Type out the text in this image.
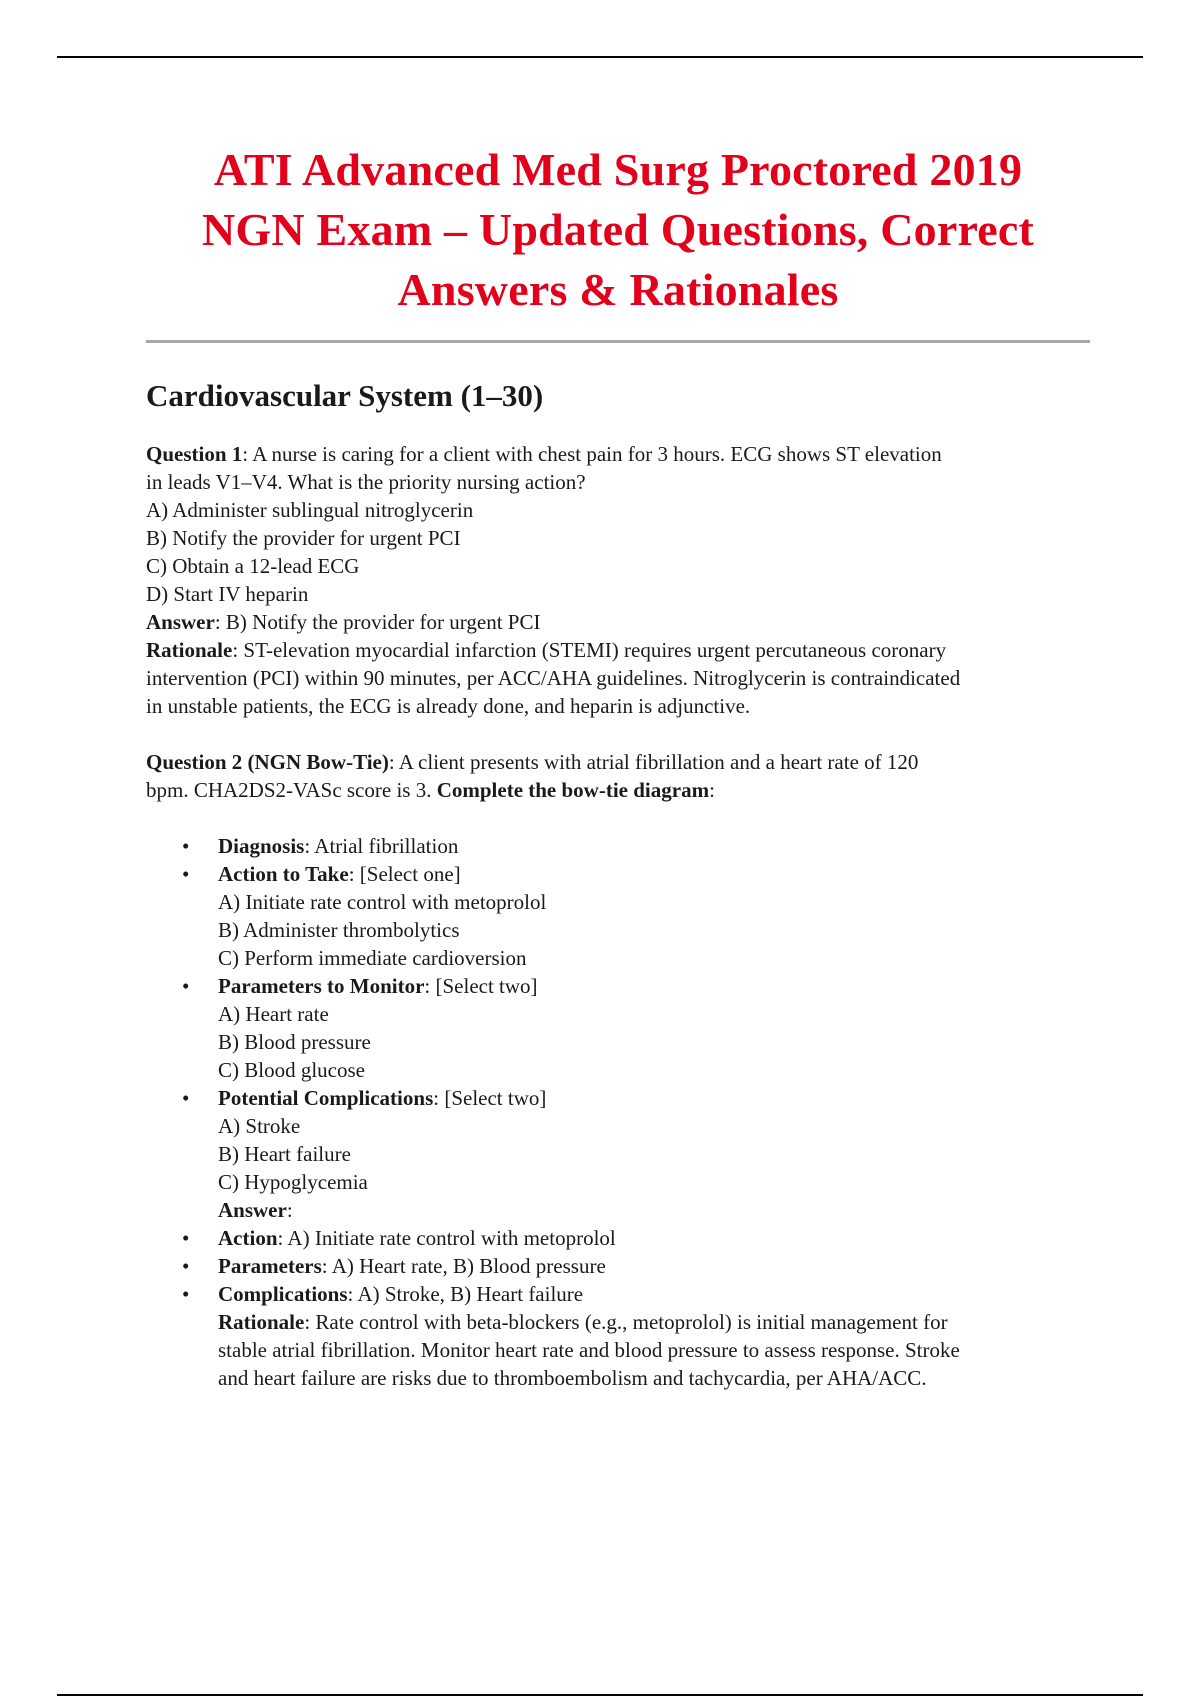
ATI Advanced Med Surg Proctored 2019
NGN Exam – Updated Questions, Correct
Answers & Rationales
Cardiovascular System (1–30)
Question 1: A nurse is caring for a client with chest pain for 3 hours. ECG shows ST elevation
in leads V1–V4. What is the priority nursing action?
A) Administer sublingual nitroglycerin
B) Notify the provider for urgent PCI
C) Obtain a 12-lead ECG
D) Start IV heparin
Answer: B) Notify the provider for urgent PCI
Rationale: ST-elevation myocardial infarction (STEMI) requires urgent percutaneous coronary
intervention (PCI) within 90 minutes, per ACC/AHA guidelines. Nitroglycerin is contraindicated
in unstable patients, the ECG is already done, and heparin is adjunctive.
Question 2 (NGN Bow-Tie): A client presents with atrial fibrillation and a heart rate of 120
bpm. CHA2DS2-VASc score is 3. Complete the bow-tie diagram:
• Diagnosis: Atrial fibrillation
• Action to Take: [Select one]
A) Initiate rate control with metoprolol
B) Administer thrombolytics
C) Perform immediate cardioversion
• Parameters to Monitor: [Select two]
A) Heart rate
B) Blood pressure
C) Blood glucose
• Potential Complications: [Select two]
A) Stroke
B) Heart failure
C) Hypoglycemia
Answer:
• Action: A) Initiate rate control with metoprolol
• Parameters: A) Heart rate, B) Blood pressure
• Complications: A) Stroke, B) Heart failure
Rationale: Rate control with beta-blockers (e.g., metoprolol) is initial management for
stable atrial fibrillation. Monitor heart rate and blood pressure to assess response. Stroke
and heart failure are risks due to thromboembolism and tachycardia, per AHA/ACC.
